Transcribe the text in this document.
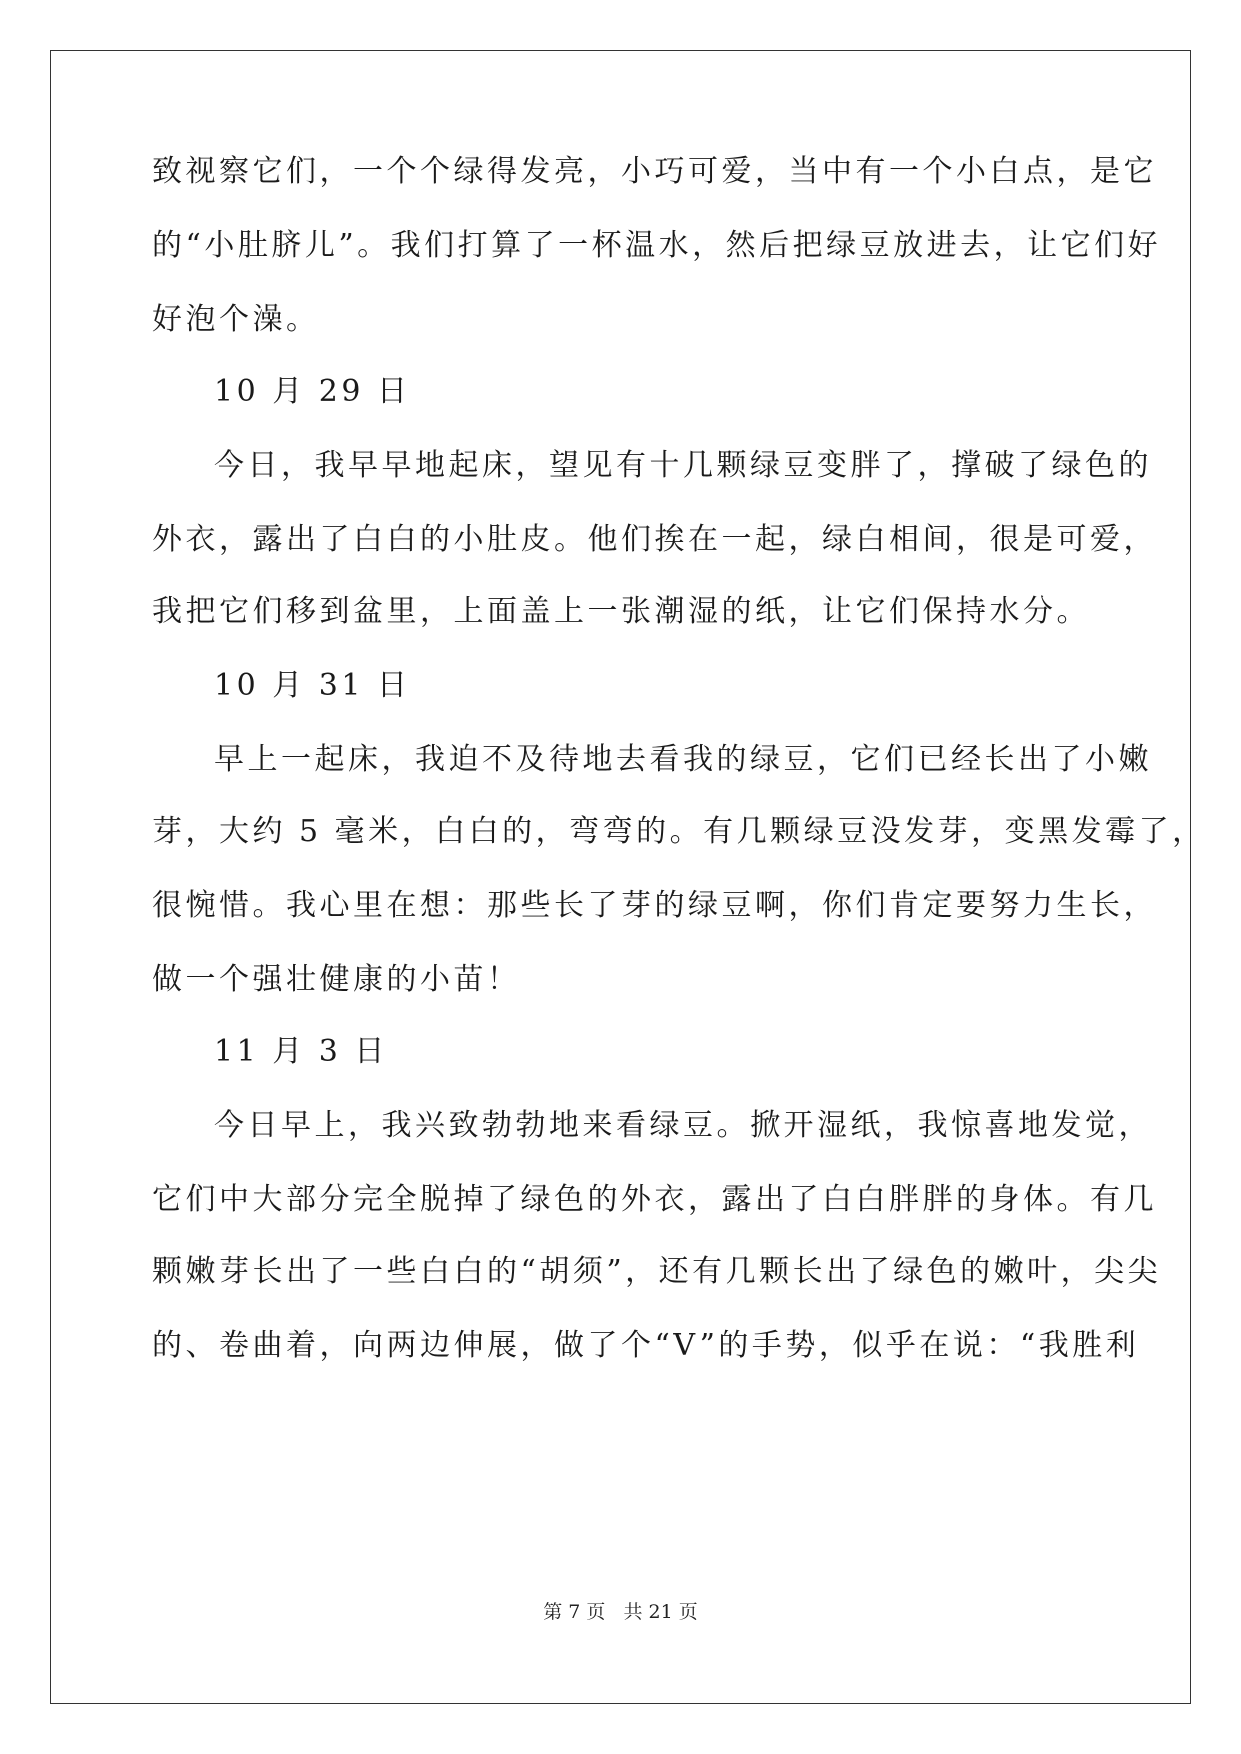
致视察它们，一个个绿得发亮，小巧可爱，当中有一个小白点，是它
的“小肚脐儿”。我们打算了一杯温水，然后把绿豆放进去，让它们好
好泡个澡。
10 月 29 日
今日，我早早地起床，望见有十几颗绿豆变胖了，撑破了绿色的
外衣，露出了白白的小肚皮。他们挨在一起，绿白相间，很是可爱，
我把它们移到盆里，上面盖上一张潮湿的纸，让它们保持水分。
10 月 31 日
早上一起床，我迫不及待地去看我的绿豆，它们已经长出了小嫩
芽，大约 5 毫米，白白的，弯弯的。有几颗绿豆没发芽，变黑发霉了，
很惋惜。我心里在想：那些长了芽的绿豆啊，你们肯定要努力生长，
做一个强壮健康的小苗！
11 月 3 日
今日早上，我兴致勃勃地来看绿豆。掀开湿纸，我惊喜地发觉，
它们中大部分完全脱掉了绿色的外衣，露出了白白胖胖的身体。有几
颗嫩芽长出了一些白白的“胡须”，还有几颗长出了绿色的嫩叶，尖尖
的、卷曲着，向两边伸展，做了个“V”的手势，似乎在说：“我胜利
第 7 页 共 21 页
